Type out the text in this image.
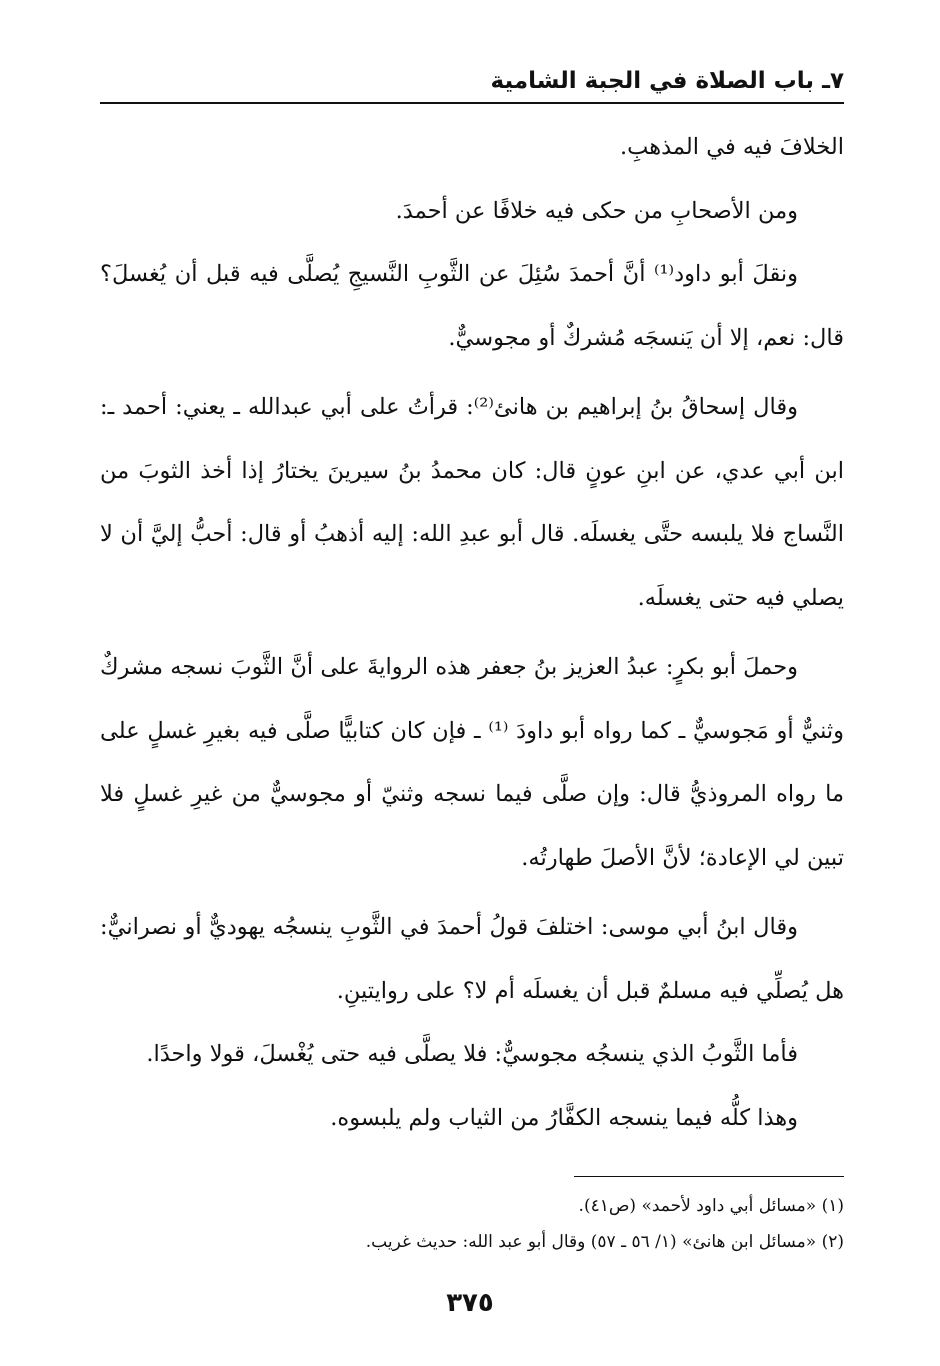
٧ـ باب الصلاة في الجبة الشامية

الخلافَ فيه في المذهبِ.

ومن الأصحابِ من حكى فيه خلافًا عن أحمدَ.

ونقلَ أبو داود⁽¹⁾ أنَّ أحمدَ سُئِلَ عن الثَّوبِ النَّسيجِ يُصلَّى فيه قبل أن يُغسلَ؟ قال: نعم، إلا أن يَنسجَه مُشركٌ أو مجوسيٌّ.

وقال إسحاقُ بنُ إبراهيم بن هانئ⁽²⁾: قرأتُ على أبي عبدالله ـ يعني: أحمد ـ: ابن أبي عدي، عن ابنِ عونٍ قال: كان محمدُ بنُ سيرينَ يختارُ إذا أخذ الثوبَ من النَّساج فلا يلبسه حتَّى يغسلَه. قال أبو عبدِ الله: إليه أذهبُ أو قال: أحبُّ إليَّ أن لا يصلي فيه حتى يغسلَه.

وحملَ أبو بكرٍ: عبدُ العزيز بنُ جعفر هذه الروايةَ على أنَّ الثَّوبَ نسجه مشركٌ وثنيٌّ أو مَجوسيٌّ ـ كما رواه أبو داودَ ⁽¹⁾ ـ فإن كان كتابيًّا صلَّى فيه بغيرِ غسلٍ على ما رواه المروذيُّ قال: وإن صلَّى فيما نسجه وثنيّ أو مجوسيٌّ من غيرِ غسلٍ فلا تبين لي الإعادة؛ لأنَّ الأصلَ طهارتُه.

وقال ابنُ أبي موسى: اختلفَ قولُ أحمدَ في الثَّوبِ ينسجُه يهوديٌّ أو نصرانيٌّ: هل يُصلِّي فيه مسلمٌ قبل أن يغسلَه أم لا؟ على روايتينِ.

فأما الثَّوبُ الذي ينسجُه مجوسيٌّ: فلا يصلَّى فيه حتى يُغْسلَ، قولا واحدًا.

وهذا كلُّه فيما ينسجه الكفَّارُ من الثياب ولم يلبسوه.

(١) «مسائل أبي داود لأحمد» (ص٤١).

(٢) «مسائل ابن هانئ» (١/ ٥٦ ـ ٥٧) وقال أبو عبد الله: حديث غريب.

٣٧٥
